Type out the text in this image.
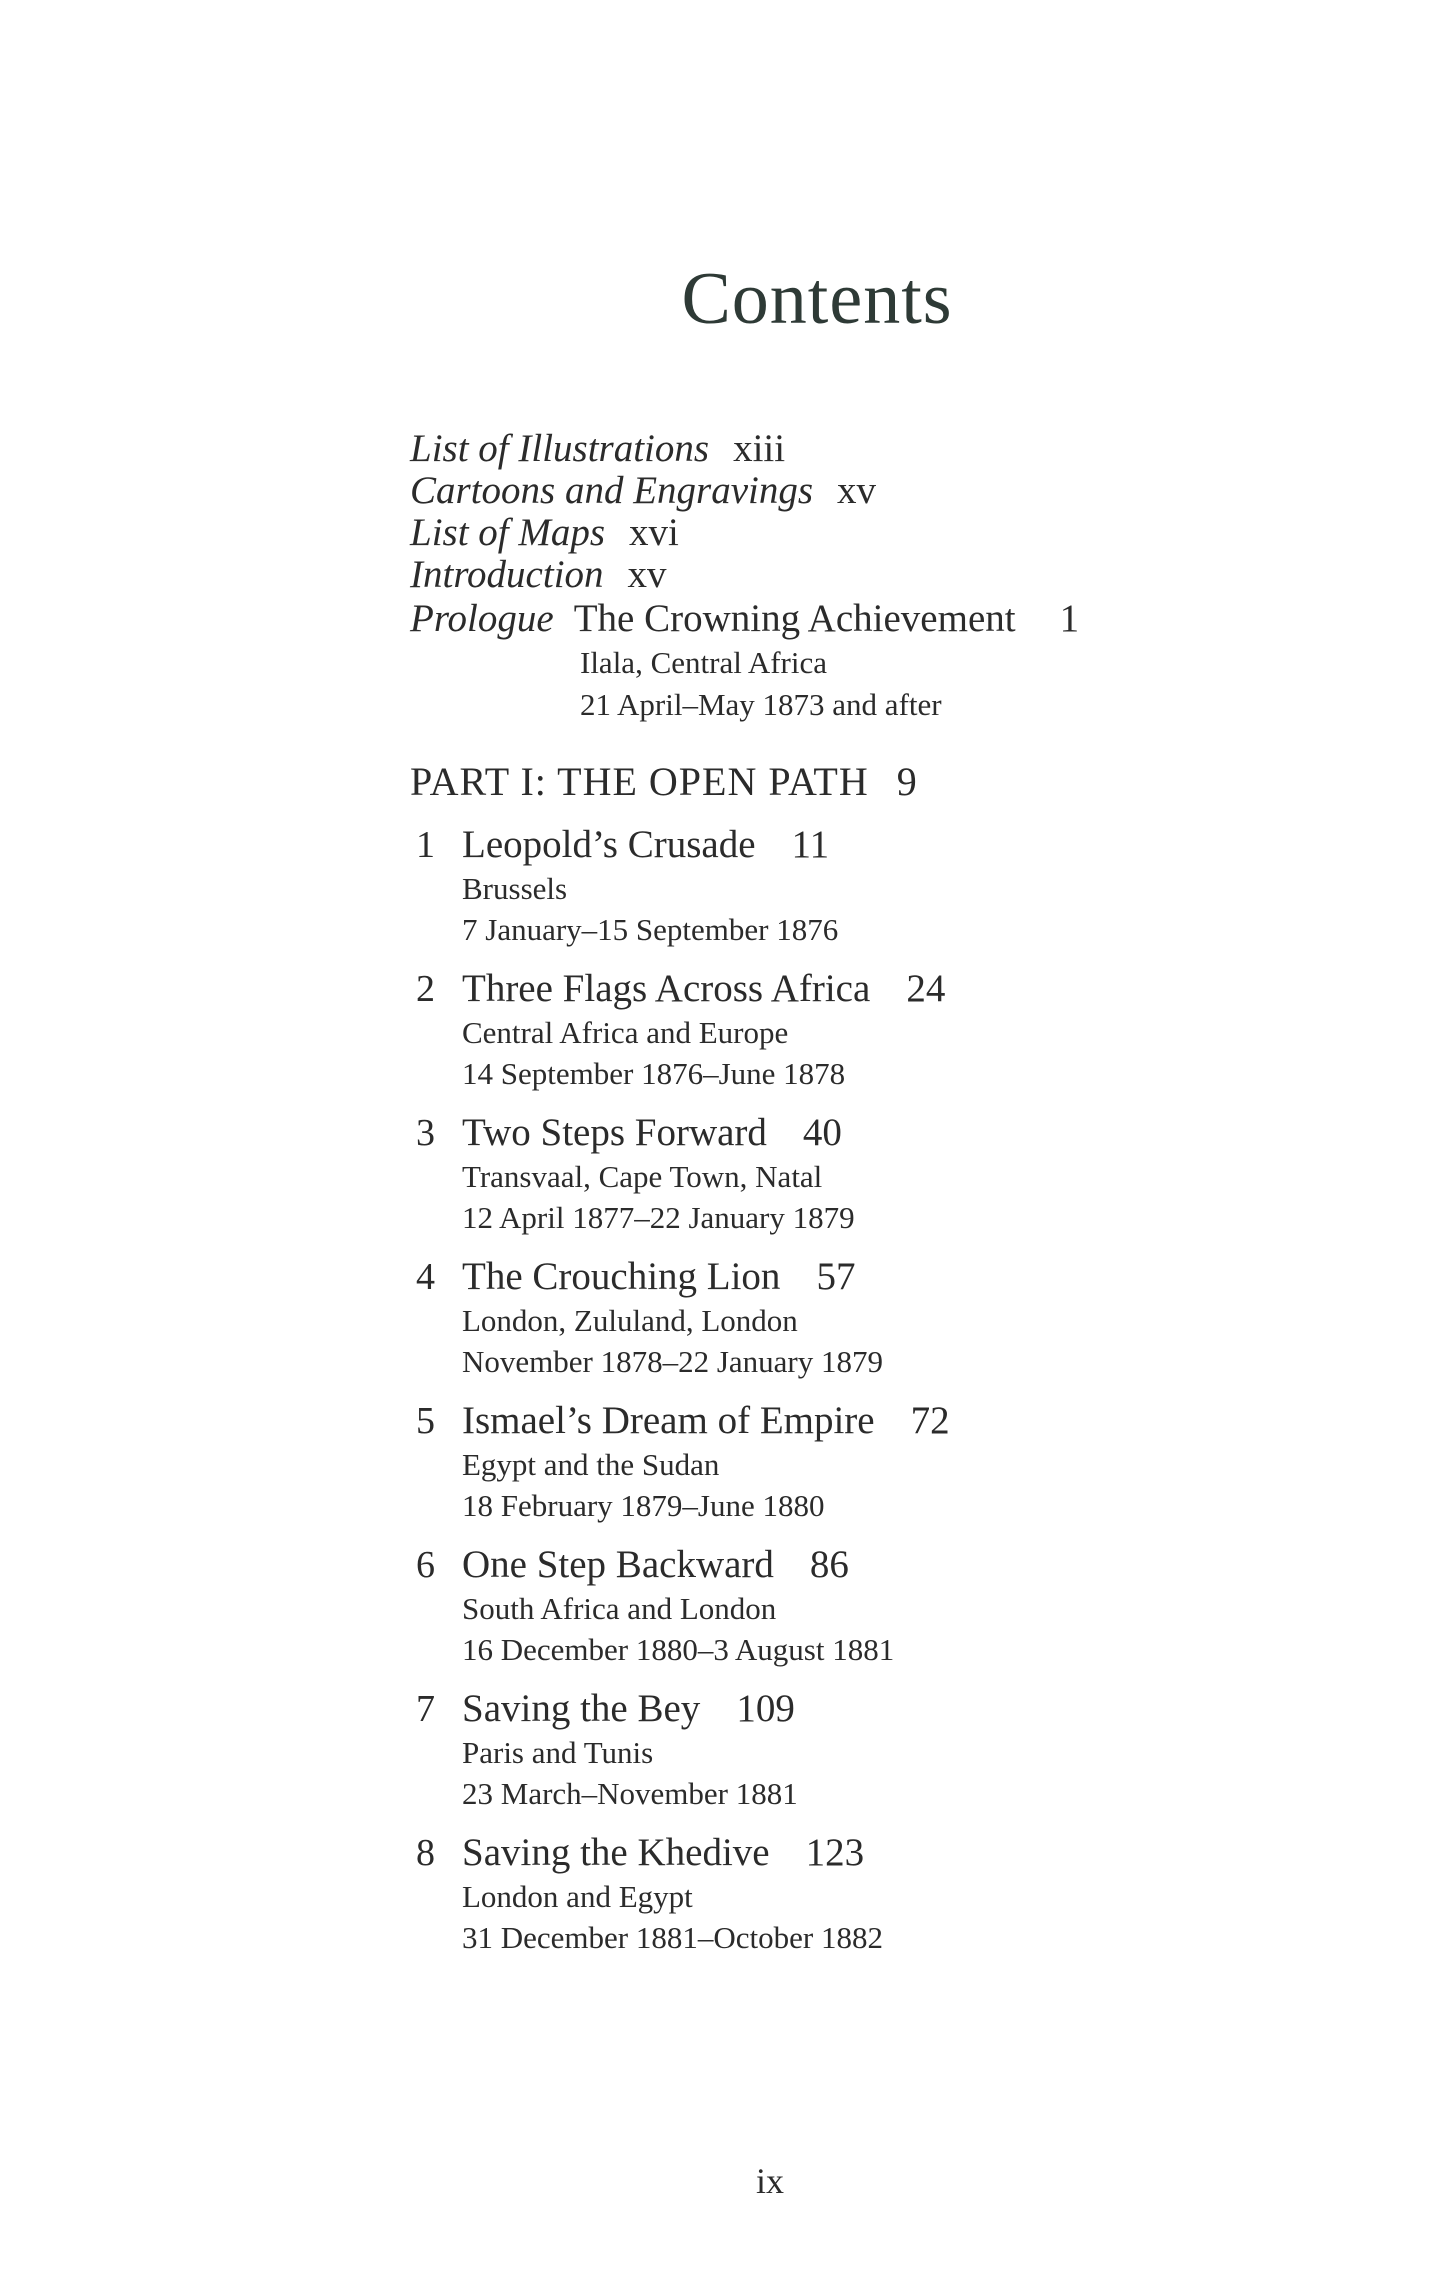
Contents
List of Illustrations xiii
Cartoons and Engravings xv
List of Maps xvi
Introduction xv
Prologue The Crowning Achievement 1
Ilala, Central Africa
21 April–May 1873 and after
PART I: THE OPEN PATH 9
1 Leopold’s Crusade 11
Brussels
7 January–15 September 1876
2 Three Flags Across Africa 24
Central Africa and Europe
14 September 1876–June 1878
3 Two Steps Forward 40
Transvaal, Cape Town, Natal
12 April 1877–22 January 1879
4 The Crouching Lion 57
London, Zululand, London
November 1878–22 January 1879
5 Ismael’s Dream of Empire 72
Egypt and the Sudan
18 February 1879–June 1880
6 One Step Backward 86
South Africa and London
16 December 1880–3 August 1881
7 Saving the Bey 109
Paris and Tunis
23 March–November 1881
8 Saving the Khedive 123
London and Egypt
31 December 1881–October 1882
ix
